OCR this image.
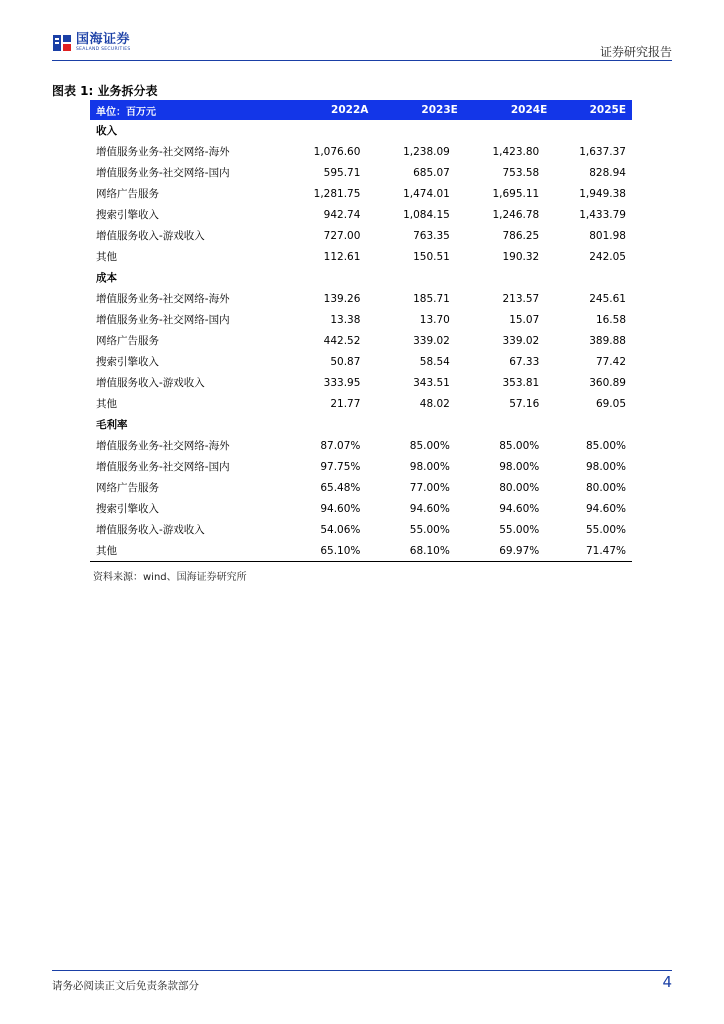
国海证券
SEALAND SECURITIES	证券研究报告
图表 1: 业务拆分表
单位：百万元	2022A	2023E	2024E	2025E
收入				
增值服务业务-社交网络-海外	1,076.60	1,238.09	1,423.80	1,637.37
增值服务业务-社交网络-国内	595.71	685.07	753.58	828.94
网络广告服务	1,281.75	1,474.01	1,695.11	1,949.38
搜索引擎收入	942.74	1,084.15	1,246.78	1,433.79
增值服务收入-游戏收入	727.00	763.35	786.25	801.98
其他	112.61	150.51	190.32	242.05
成本				
增值服务业务-社交网络-海外	139.26	185.71	213.57	245.61
增值服务业务-社交网络-国内	13.38	13.70	15.07	16.58
网络广告服务	442.52	339.02	339.02	389.88
搜索引擎收入	50.87	58.54	67.33	77.42
增值服务收入-游戏收入	333.95	343.51	353.81	360.89
其他	21.77	48.02	57.16	69.05
毛利率				
增值服务业务-社交网络-海外	87.07%	85.00%	85.00%	85.00%
增值服务业务-社交网络-国内	97.75%	98.00%	98.00%	98.00%
网络广告服务	65.48%	77.00%	80.00%	80.00%
搜索引擎收入	94.60%	94.60%	94.60%	94.60%
增值服务收入-游戏收入	54.06%	55.00%	55.00%	55.00%
其他	65.10%	68.10%	69.97%	71.47%
资料来源：wind、国海证券研究所
请务必阅读正文后免责条款部分	4
